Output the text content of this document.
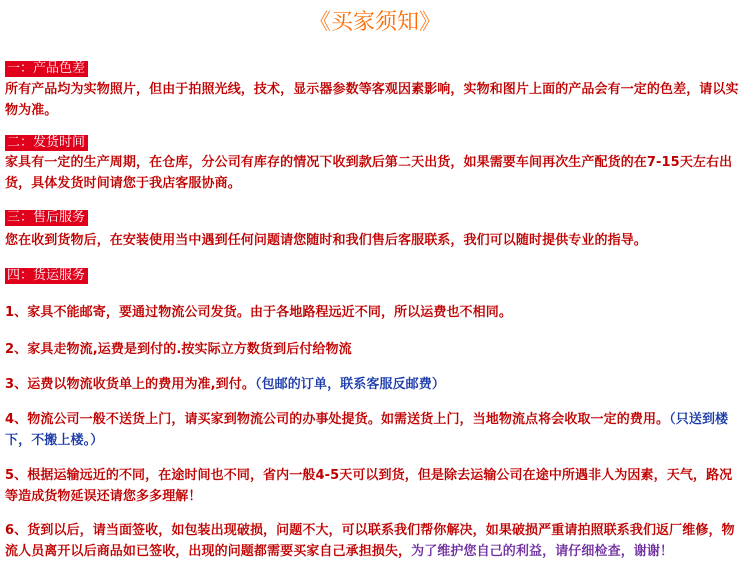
《买家须知》
一：产品色差
所有产品均为实物照片，但由于拍照光线，技术，显示器参数等客观因素影响，实物和图片上面的产品会有一定的色差，请以实物为准。
二：发货时间
家具有一定的生产周期，在仓库，分公司有库存的情况下收到款后第二天出货，如果需要车间再次生产配货的在7-15天左右出货，具体发货时间请您于我店客服协商。
三：售后服务
您在收到货物后，在安装使用当中遇到任何问题请您随时和我们售后客服联系，我们可以随时提供专业的指导。
四：货运服务
1、家具不能邮寄，要通过物流公司发货。由于各地路程远近不同，所以运费也不相同。
2、家具走物流,运费是到付的.按实际立方数货到后付给物流
3、运费以物流收货单上的费用为准,到付。（包邮的订单，联系客服反邮费）
4、物流公司一般不送货上门，请买家到物流公司的办事处提货。如需送货上门，当地物流点将会收取一定的费用。（只送到楼下，不搬上楼。）
5、根据运输远近的不同，在途时间也不同，省内一般4-5天可以到货，但是除去运输公司在途中所遇非人为因素，天气，路况等造成货物延误还请您多多理解！
6、货到以后，请当面签收，如包装出现破损，问题不大，可以联系我们帮你解决，如果破损严重请拍照联系我们返厂维修，物流人员离开以后商品如已签收，出现的问题都需要买家自己承担损失，为了维护您自己的利益，请仔细检查，谢谢！
